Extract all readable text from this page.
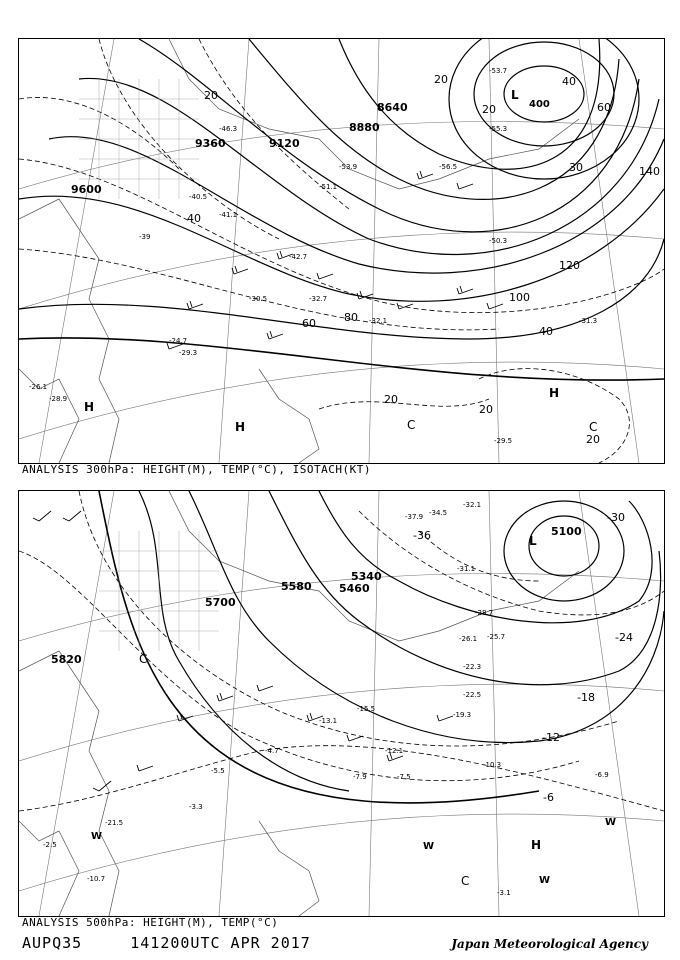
9600
9360	9120
8880
8640
20
40
60	80
100
120
140
40
20
20
20	40
20	60
20
30
L
400
H
H
H
C	C
-29.3
-28.9
-26.1
-30.5
-32.1
-32.7
-39
-40.5
-41.1
-42.7
-46.3
-51.1
-53.9
-55.3
-56.5
-53.7
-50.3
-29.5
-31.3
-24.7
ANALYSIS 300hPa: HEIGHT(M), TEMP(°C), ISOTACH(KT)
5820
5700
5580 5460
5340
5100
-36
-30
-24
-18
-12
-6
L
H
W
W
W
W
C
C
-32.1
-34.5
-37.9
-31.1
-28.7
-26.1 -25.7
-22.3
-22.5
-19.3
-15.5
-13.1
-12.1
-10.3
-7.5
-7.9	-6.9
-5.5
-4.7
-3.3
-10.7
-2.5
-3.1
-21.5
ANALYSIS 500hPa: HEIGHT(M), TEMP(°C)
AUPQ35	141200UTC APR 2017	Japan Meteorological Agency
